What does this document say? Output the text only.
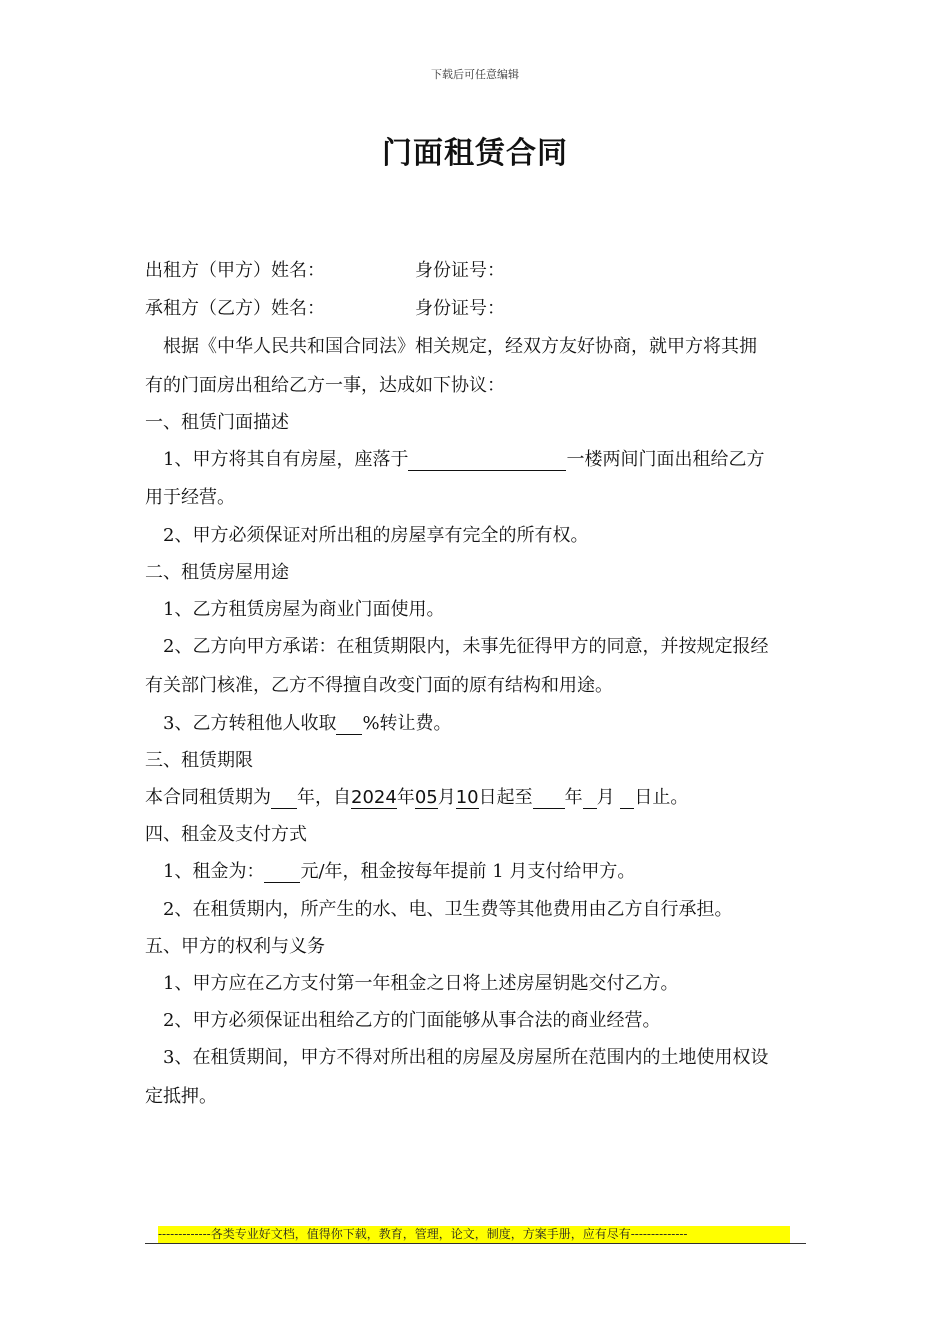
下载后可任意编辑
门面租赁合同
出租方（甲方）姓名：	身份证号：
承租方（乙方）姓名：	身份证号：
根据《中华人民共和国合同法》相关规定，经双方友好协商，就甲方将其拥
有的门面房出租给乙方一事，达成如下协议：
一、租赁门面描述
1、甲方将其自有房屋，座落于	一楼两间门面出租给乙方
用于经营。
2、甲方必须保证对所出租的房屋享有完全的所有权。
二、租赁房屋用途
1、乙方租赁房屋为商业门面使用。
2、乙方向甲方承诺：在租赁期限内，未事先征得甲方的同意，并按规定报经
有关部门核准，乙方不得擅自改变门面的原有结构和用途。
3、乙方转租他人收取 %转让费。
三、租赁期限
本合同租赁期为 年，自2024年05月10日起至 年 月 日止。
四、租金及支付方式
1、租金为： 元/年，租金按每年提前 1 月支付给甲方。
2、在租赁期内，所产生的水、电、卫生费等其他费用由乙方自行承担。
五、甲方的权利与义务
1、甲方应在乙方支付第一年租金之日将上述房屋钥匙交付乙方。
2、甲方必须保证出租给乙方的门面能够从事合法的商业经营。
3、在租赁期间，甲方不得对所出租的房屋及房屋所在范围内的土地使用权设
定抵押。
-------------各类专业好文档，值得你下载，教育，管理，论文，制度，方案手册，应有尽有--------------
